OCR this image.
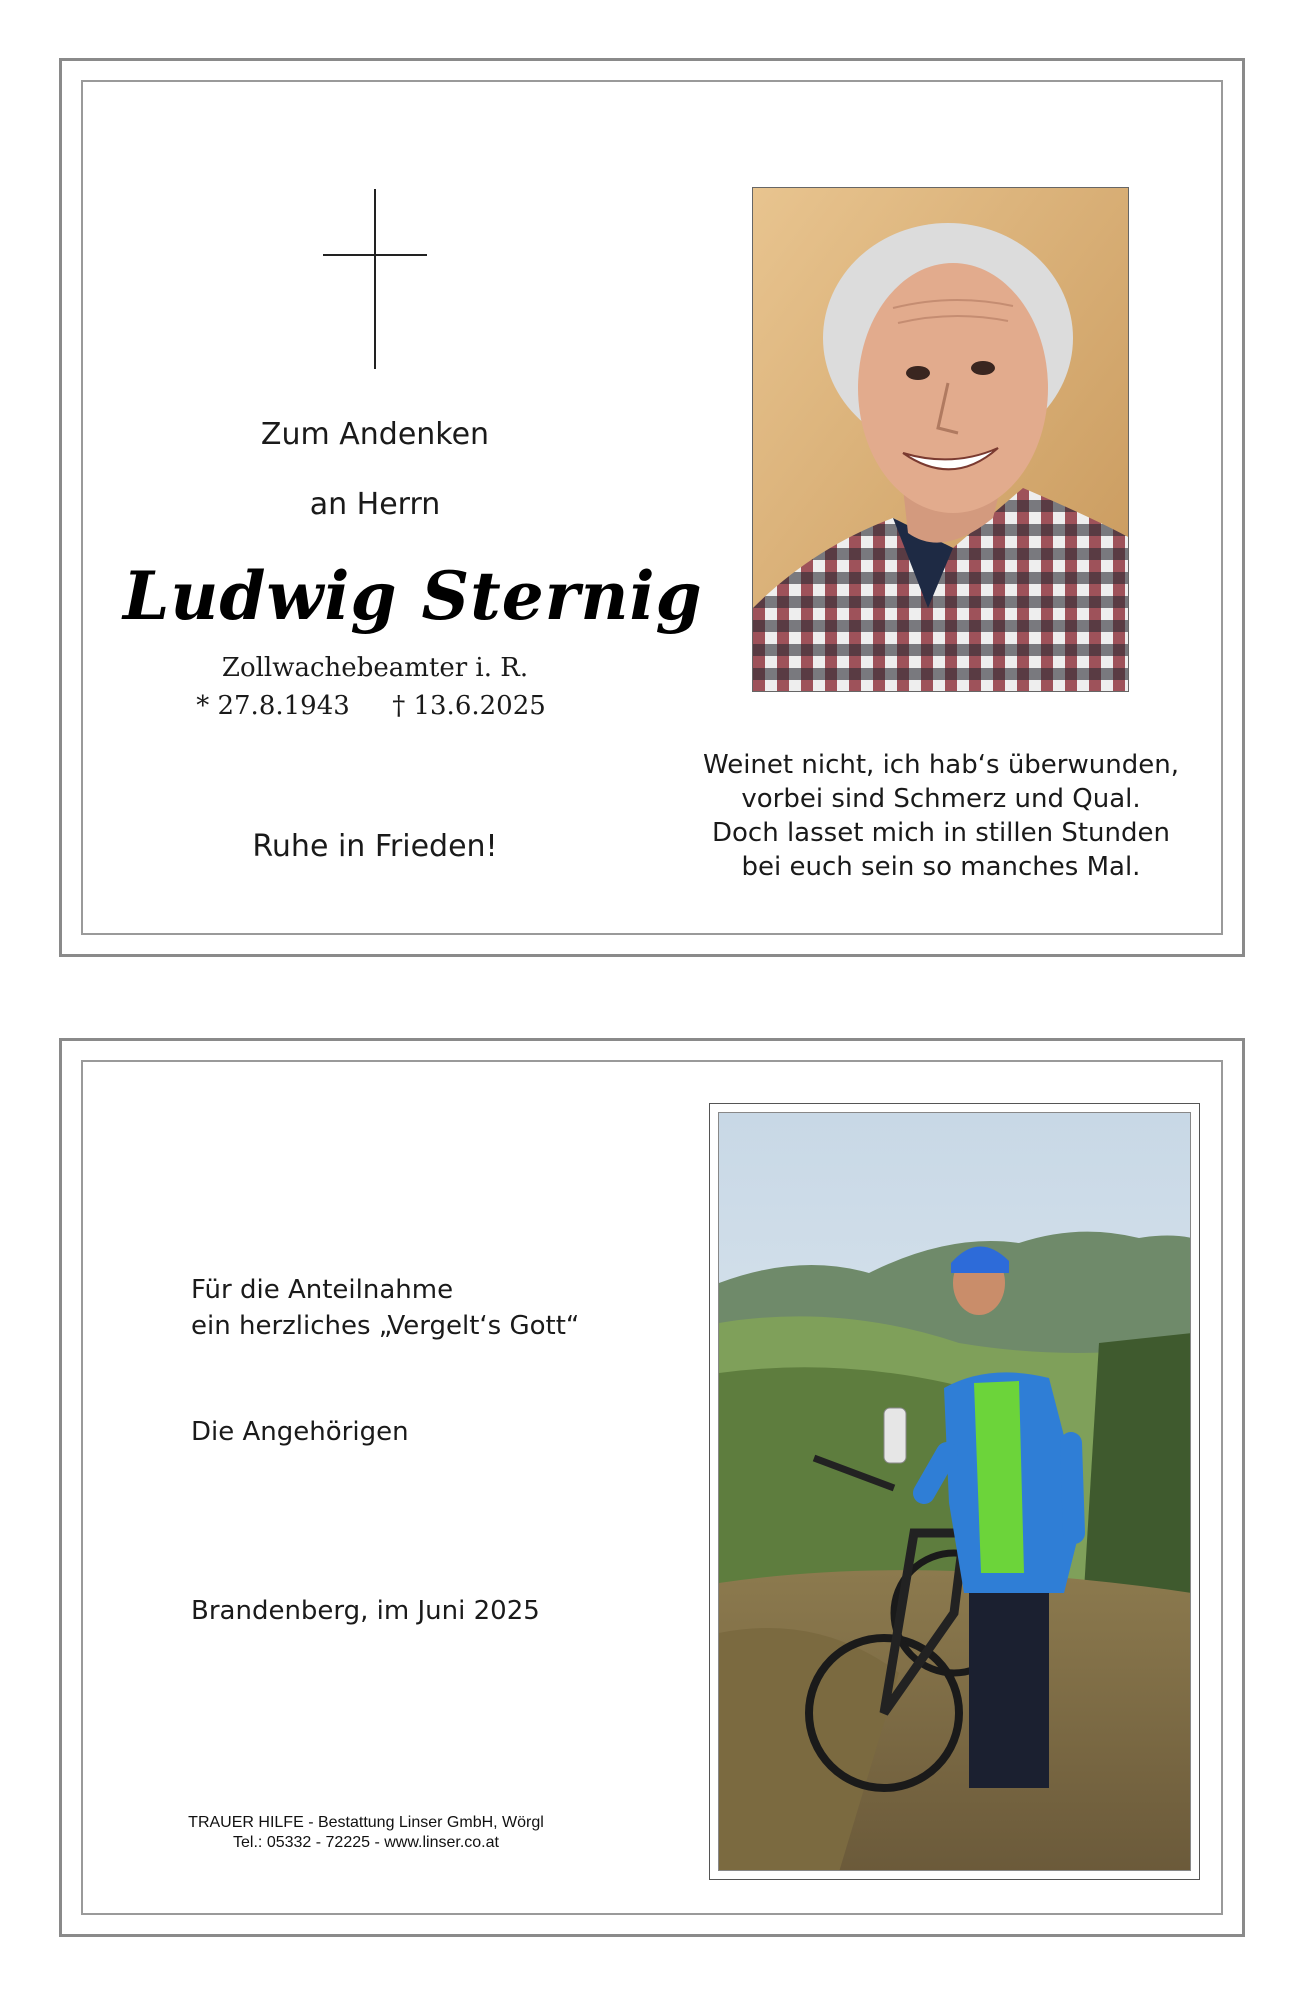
Zum Andenken
an Herrn
Ludwig Sternig
Zollwachebeamter i. R.
* 27.8.1943	† 13.6.2025
Ruhe in Frieden!
Weinet nicht, ich hab‘s überwunden,
vorbei sind Schmerz und Qual.
Doch lasset mich in stillen Stunden
bei euch sein so manches Mal.
Für die Anteilnahme
ein herzliches „Vergelt‘s Gott“
Die Angehörigen
Brandenberg, im Juni 2025
TRAUER HILFE - Bestattung Linser GmbH, Wörgl
Tel.: 05332 - 72225 - www.linser.co.at
